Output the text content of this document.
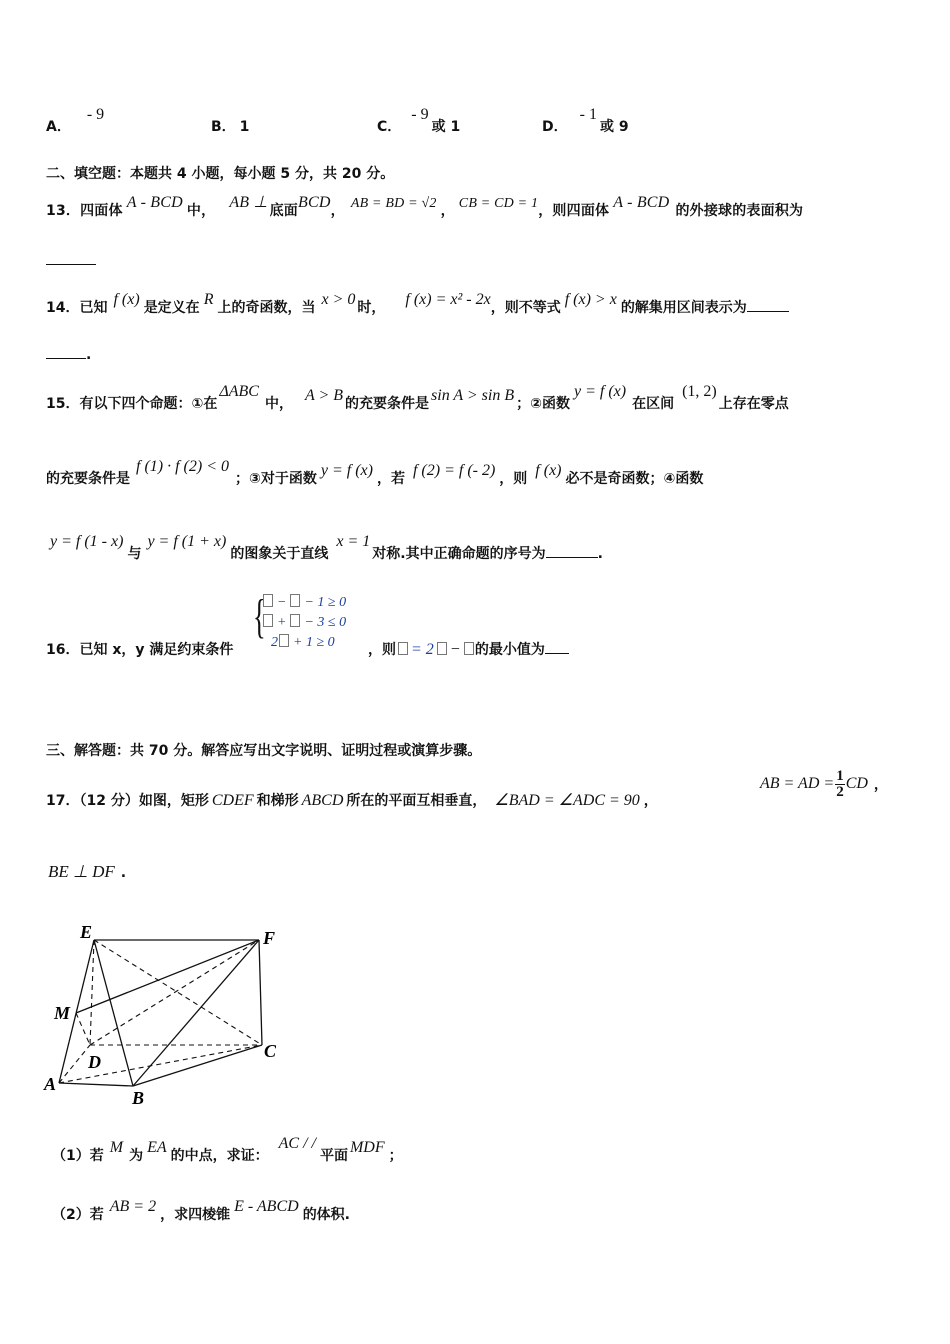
A．- 9
B． 1	C．- 9或 1	D．- 1或 9
二、填空题：本题共 4 小题，每小题 5 分，共 20 分。
13．四面体 A - BCD 中， AB ⊥ 底面BCD， AB = BD = √2 ， CB = CD = 1，则四面体 A - BCD 的外接球的表面积为
14．已知 f (x) 是定义在 R 上的奇函数，当 x > 0 时， f (x) = x² - 2x，则不等式 f (x) > x 的解集用区间表示为
.
15．有以下四个命题：①在ΔABC中， A > B 的充要条件是 sin A > sin B ；②函数y = f (x)在区间(1, 2)上存在零点
的充要条件是f (1) · f (2) < 0；③对于函数 y = f (x) ，若 f (2) = f (- 2) ，则 f (x) 必不是奇函数；④函数
y = f (1 - x)与y = f (1 + x)的图象关于直线x = 1对称.其中正确命题的序号为	.
16．已知 x，y 满足约束条件
{ − − 1 ≥ 0
+ − 3 ≤ 0
2 + 1 ≥ 0 ，则 = 2 − 的最小值为
三、解答题：共 70 分。解答应写出文字说明、证明过程或演算步骤。
17．（12 分）如图，矩形 CDEF 和梯形 ABCD 所在的平面互相垂直， ∠BAD = ∠ADC = 90 ，
AB = AD = $\frac{1}{2}$ CD ，
BE ⊥ DF .
E	F
M
D
C
A
B
（1）若 M 为 EA 的中点，求证：AC / /平面 MDF ；
（2）若 AB = 2 ，求四棱锥 E - ABCD 的体积.
